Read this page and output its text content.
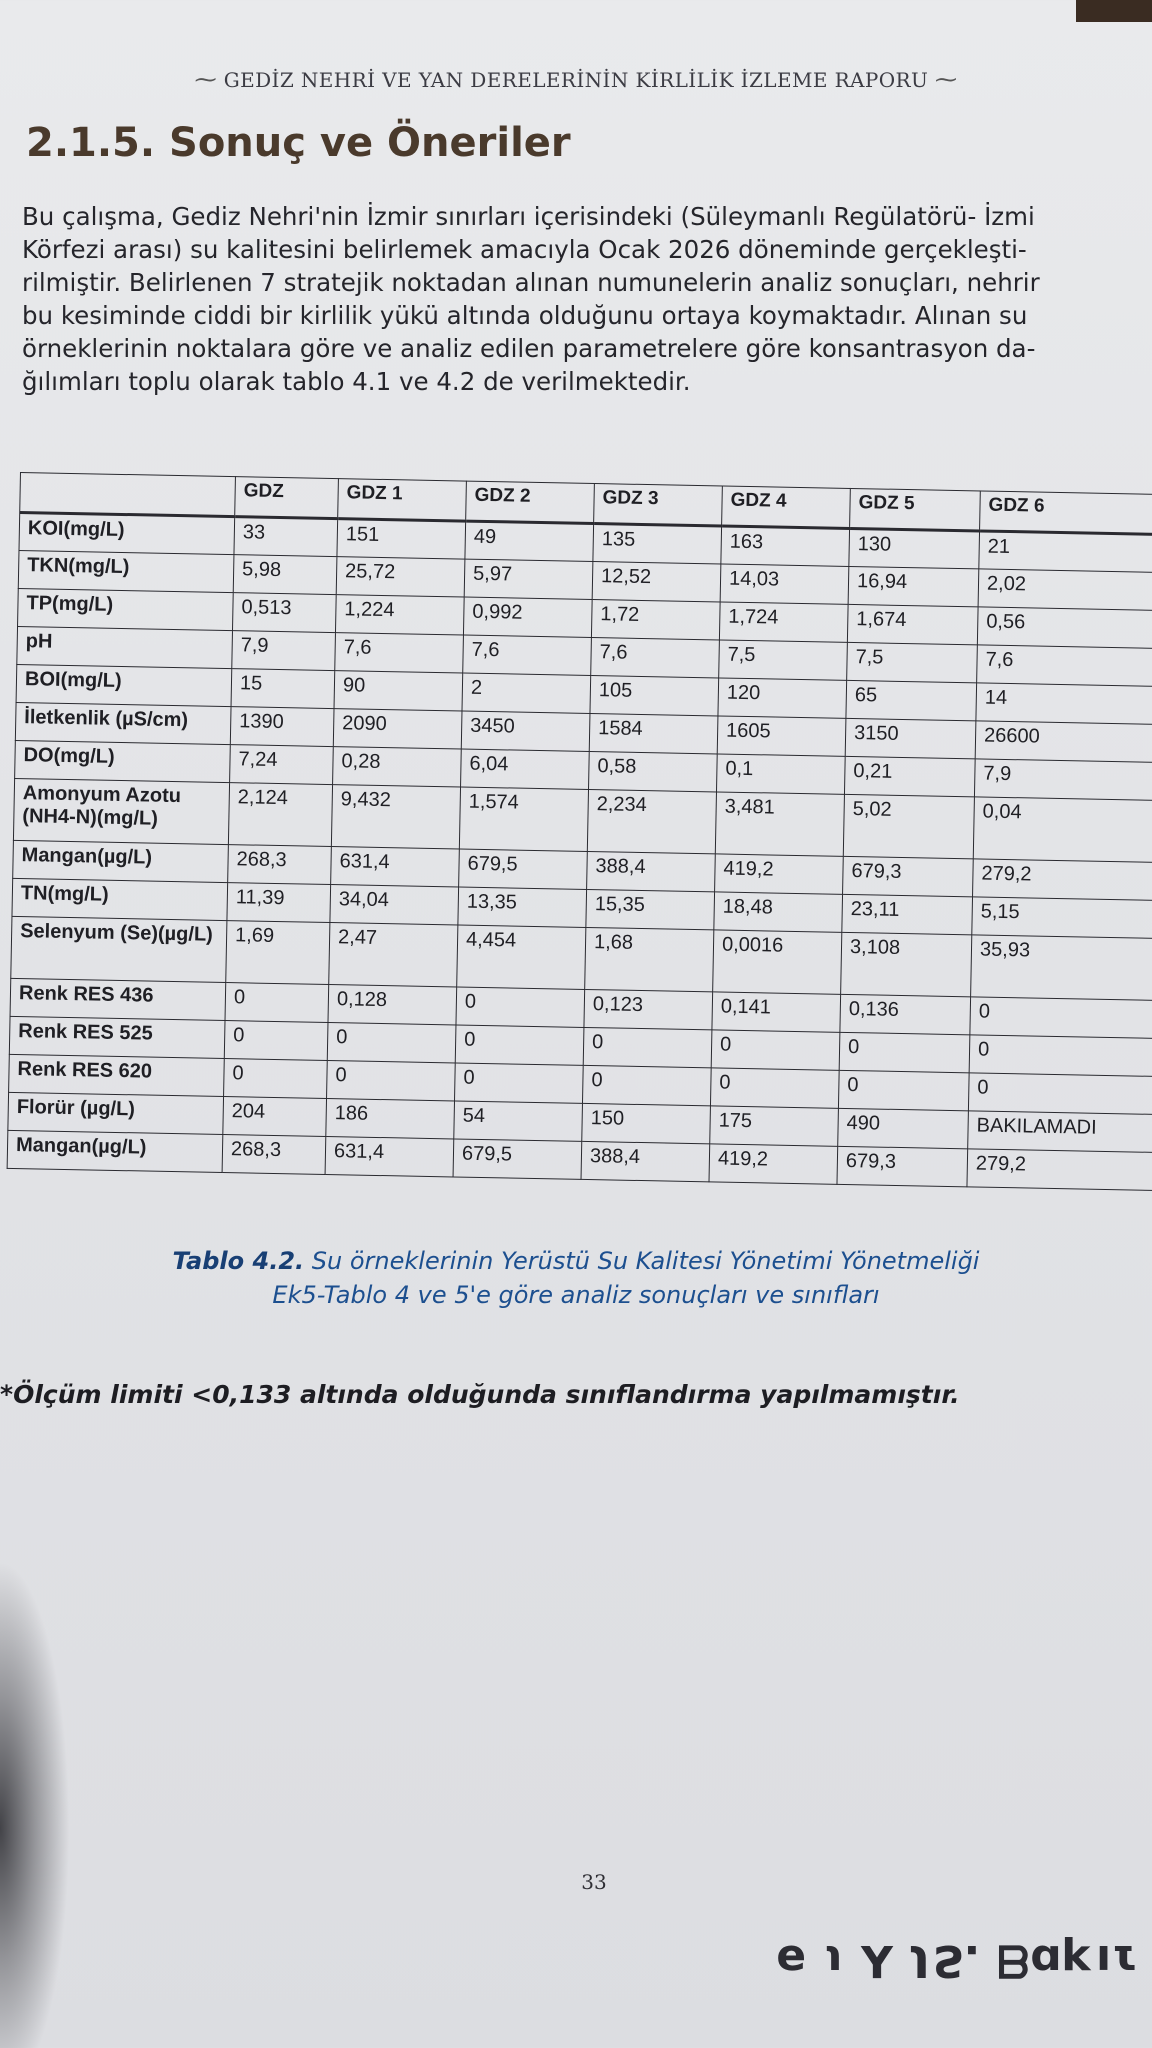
⁓ GEDİZ NEHRİ VE YAN DERELERİNİN KİRLİLİK İZLEME RAPORU ⁓
2.1.5. Sonuç ve Öneriler

Bu çalışma, Gediz Nehri'nin İzmir sınırları içerisindeki (Süleymanlı Regülatörü- İzmi

Körfezi arası) su kalitesini belirlemek amacıyla Ocak 2026 döneminde gerçekleşti-

rilmiştir. Belirlenen 7 stratejik noktadan alınan numunelerin analiz sonuçları, nehrir

bu kesiminde ciddi bir kirlilik yükü altında olduğunu ortaya koymaktadır. Alınan su

örneklerinin noktalara göre ve analiz edilen parametrelere göre konsantrasyon da-

ğılımları toplu olarak tablo 4.1 ve 4.2 de verilmektedir.

	GDZ	GDZ 1	GDZ 2	GDZ 3	GDZ 4	GDZ 5	GDZ 6
KOI(mg/L)	33	151	49	135	163	130	21
TKN(mg/L)	5,98	25,72	5,97	12,52	14,03	16,94	2,02
TP(mg/L)	0,513	1,224	0,992	1,72	1,724	1,674	0,56
pH	7,9	7,6	7,6	7,6	7,5	7,5	7,6
BOI(mg/L)	15	90	2	105	120	65	14
İletkenlik (µS/cm)	1390	2090	3450	1584	1605	3150	26600
DO(mg/L)	7,24	0,28	6,04	0,58	0,1	0,21	7,9
Amonyum Azotu (NH4-N)(mg/L)	2,124	9,432	1,574	2,234	3,481	5,02	0,04
Mangan(µg/L)	268,3	631,4	679,5	388,4	419,2	679,3	279,2
TN(mg/L)	11,39	34,04	13,35	15,35	18,48	23,11	5,15
Selenyum (Se)(µg/L)	1,69	2,47	4,454	1,68	0,0016	3,108	35,93
Renk RES 436	0	0,128	0	0,123	0,141	0,136	0
Renk RES 525	0	0	0	0	0	0	0
Renk RES 620	0	0	0	0	0	0	0
Florür (µg/L)	204	186	54	150	175	490	BAKILAMADI
Mangan(µg/L)	268,3	631,4	679,5	388,4	419,2	679,3	279,2

Tablo 4.2. Su örneklerinin Yerüstü Su Kalitesi Yönetimi Yönetmeliği

Ek5-Tablo 4 ve 5'e göre analiz sonuçları ve sınıfları

*Ölçüm limiti <0,133 altında olduğunda sınıflandırma yapılmamıştır.

33
ɿıʞɒᗺ .ƧƖ ⅄ ɩ ə
